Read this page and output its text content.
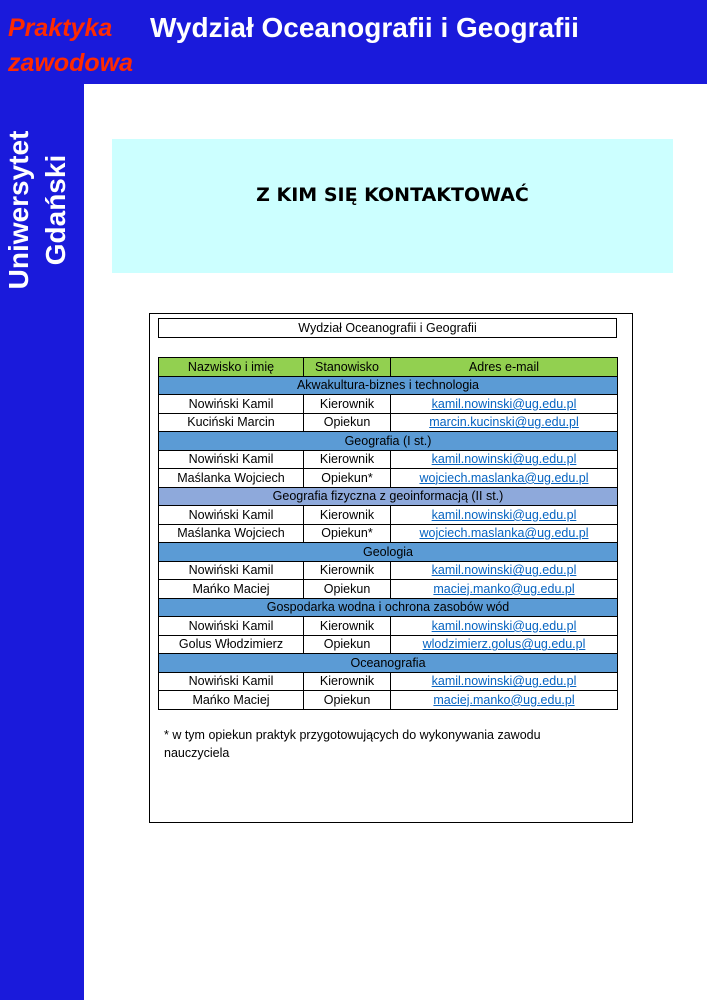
Praktyka
zawodowa
Wydział Oceanografii i Geografii
Uniwersytet Gdański	Z KIM SIĘ KONTAKTOWAĆ
Wydział Oceanografii i Geografii
Nazwisko i imię	Stanowisko	Adres e-mail
Akwakultura-biznes i technologia		
Nowiński Kamil	Kierownik	kamil.nowinski@ug.edu.pl
Kuciński Marcin	Opiekun	marcin.kucinski@ug.edu.pl
Geografia (I st.)		
Nowiński Kamil	Kierownik	kamil.nowinski@ug.edu.pl
Maślanka Wojciech	Opiekun*	wojciech.maslanka@ug.edu.pl
Geografia fizyczna z geoinformacją (II st.)		
Nowiński Kamil	Kierownik	kamil.nowinski@ug.edu.pl
Maślanka Wojciech	Opiekun*	wojciech.maslanka@ug.edu.pl
Geologia		
Nowiński Kamil	Kierownik	kamil.nowinski@ug.edu.pl
Mańko Maciej	Opiekun	maciej.manko@ug.edu.pl
Gospodarka wodna i ochrona zasobów wód		
Nowiński Kamil	Kierownik	kamil.nowinski@ug.edu.pl
Golus Włodzimierz	Opiekun	wlodzimierz.golus@ug.edu.pl
Oceanografia		
Nowiński Kamil	Kierownik	kamil.nowinski@ug.edu.pl
Mańko Maciej	Opiekun	maciej.manko@ug.edu.pl
* w tym opiekun praktyk przygotowujących do wykonywania zawodu nauczyciela
